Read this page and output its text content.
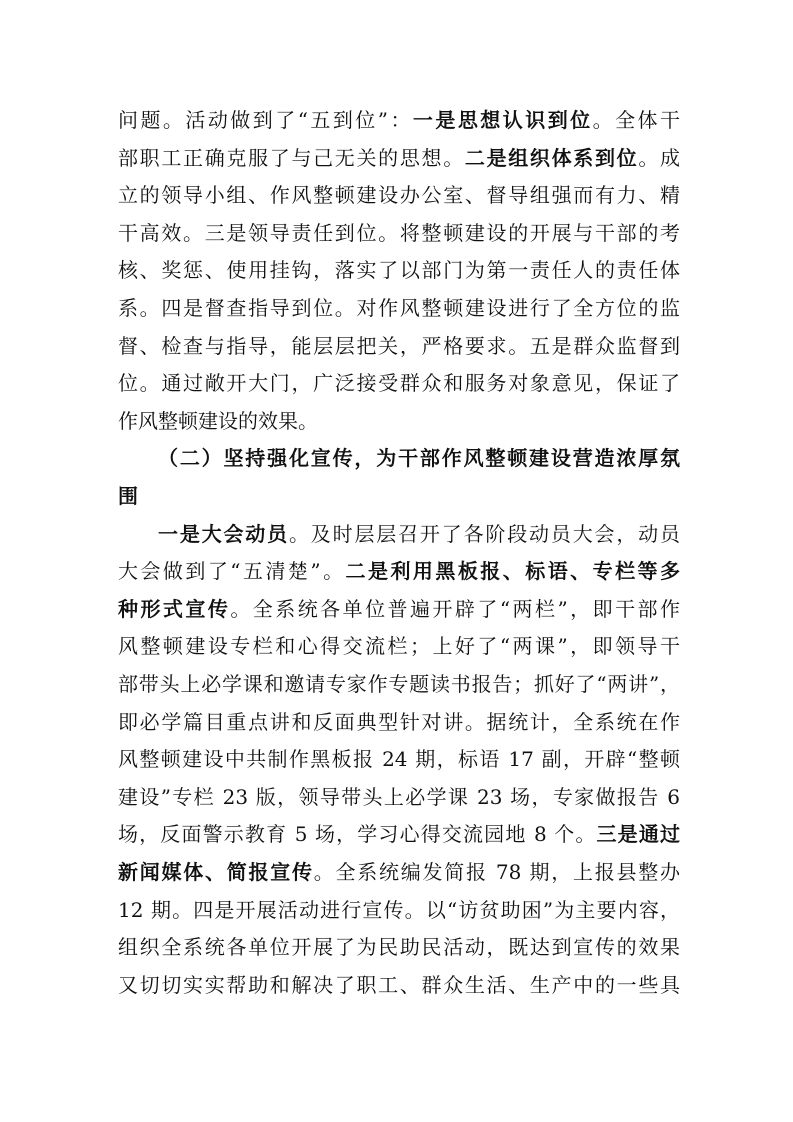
问题。活动做到了“五到位”：一是思想认识到位。全体干
部职工正确克服了与己无关的思想。二是组织体系到位。成
立的领导小组、作风整顿建设办公室、督导组强而有力、精
干高效。三是领导责任到位。将整顿建设的开展与干部的考
核、奖惩、使用挂钩，落实了以部门为第一责任人的责任体
系。四是督查指导到位。对作风整顿建设进行了全方位的监
督、检查与指导，能层层把关，严格要求。五是群众监督到
位。通过敞开大门，广泛接受群众和服务对象意见，保证了
作风整顿建设的效果。
（二）坚持强化宣传，为干部作风整顿建设营造浓厚氛
围
一是大会动员。及时层层召开了各阶段动员大会，动员
大会做到了“五清楚”。二是利用黑板报、标语、专栏等多
种形式宣传。全系统各单位普遍开辟了“两栏”，即干部作
风整顿建设专栏和心得交流栏；上好了“两课”，即领导干
部带头上必学课和邀请专家作专题读书报告；抓好了“两讲”，
即必学篇目重点讲和反面典型针对讲。据统计，全系统在作
风整顿建设中共制作黑板报 24 期，标语 17 副，开辟“整顿
建设”专栏 23 版，领导带头上必学课 23 场，专家做报告 6
场，反面警示教育 5 场，学习心得交流园地 8 个。三是通过
新闻媒体、简报宣传。全系统编发简报 78 期，上报县整办
12 期。四是开展活动进行宣传。以“访贫助困”为主要内容，
组织全系统各单位开展了为民助民活动，既达到宣传的效果
又切切实实帮助和解决了职工、群众生活、生产中的一些具
